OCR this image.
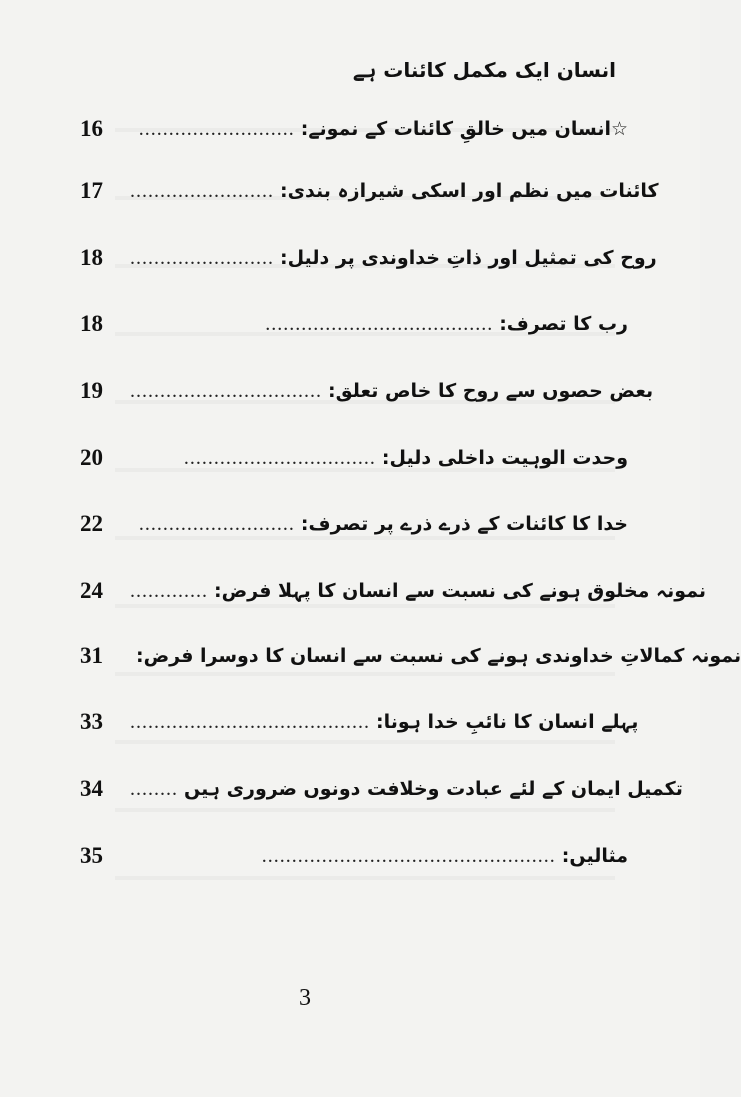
انسان ایک مکمل کائنات ہے
16	.......................... ☆انسان میں خالقِ کائنات کے نمونے:
17	........................ کائنات میں نظم اور اسکی شیرازہ بندی:
18	........................ روح کی تمثیل اور ذاتِ خداوندی پر دلیل:
18	...................................... رب کا تصرف:
19	................................ بعض حصوں سے روح کا خاص تعلق:
20	................................ وحدت الوہیت داخلی دلیل:
22	.......................... خدا کا کائنات کے ذرے ذرے پر تصرف:
24	............. نمونہ مخلوق ہونے کی نسبت سے انسان کا پہلا فرض:
31	نمونہ کمالاتِ خداوندی ہونے کی نسبت سے انسان کا دوسرا فرض:
33	........................................ پہلے انسان کا نائبِ خدا ہونا:
34	........ تکمیل ایمان کے لئے عبادت وخلافت دونوں ضروری ہیں
35	................................................. مثالیں:
3
